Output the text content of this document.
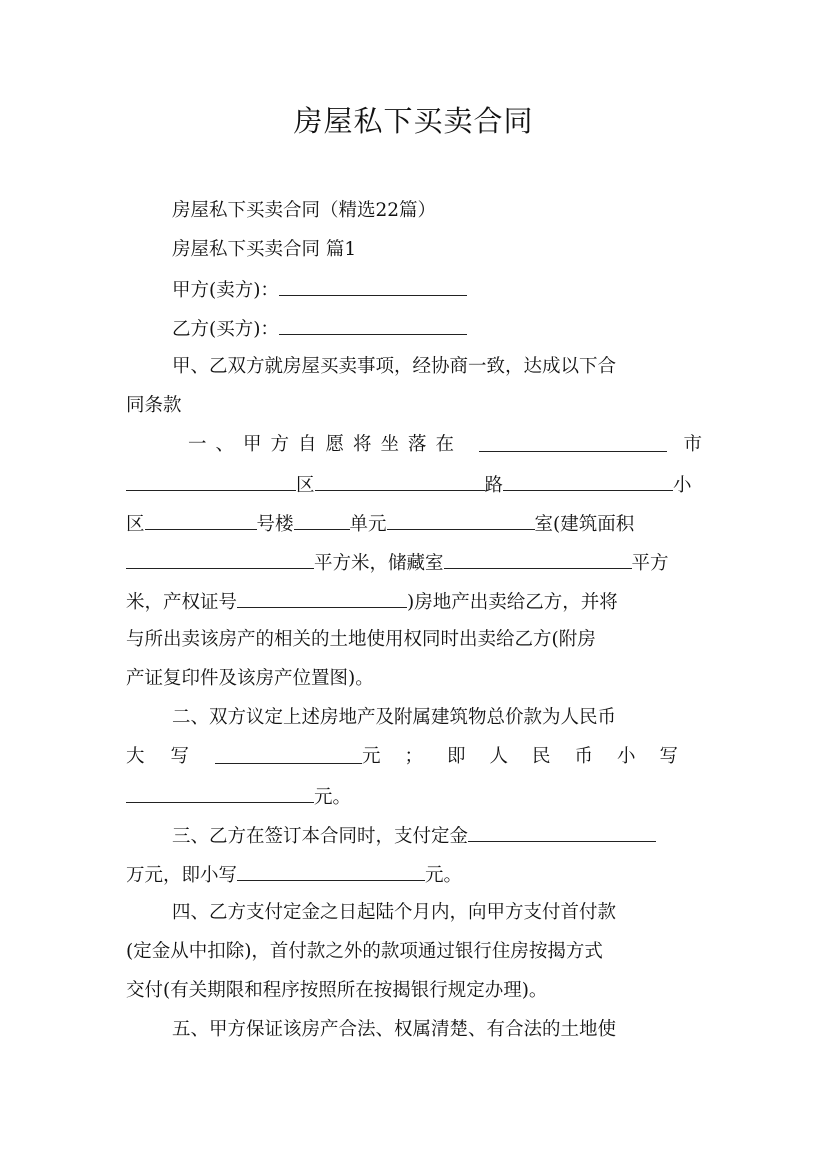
房屋私下买卖合同
房屋私下买卖合同（精选22篇）
房屋私下买卖合同 篇1
甲方(卖方)：
乙方(买方)：
甲、乙双方就房屋买卖事项，经协商一致，达成以下合
同条款
一、甲方自愿将坐落在	市
区	路	小
区	号楼	单元	室(建筑面积
平方米，储藏室	平方
米，产权证号	)房地产出卖给乙方，并将
与所出卖该房产的相关的土地使用权同时出卖给乙方(附房
产证复印件及该房产位置图)。
二、双方议定上述房地产及附属建筑物总价款为人民币
大写	元；即人民币小写
元。
三、乙方在签订本合同时，支付定金
万元，即小写	元。
四、乙方支付定金之日起陆个月内，向甲方支付首付款
(定金从中扣除)，首付款之外的款项通过银行住房按揭方式
交付(有关期限和程序按照所在按揭银行规定办理)。
五、甲方保证该房产合法、权属清楚、有合法的土地使
